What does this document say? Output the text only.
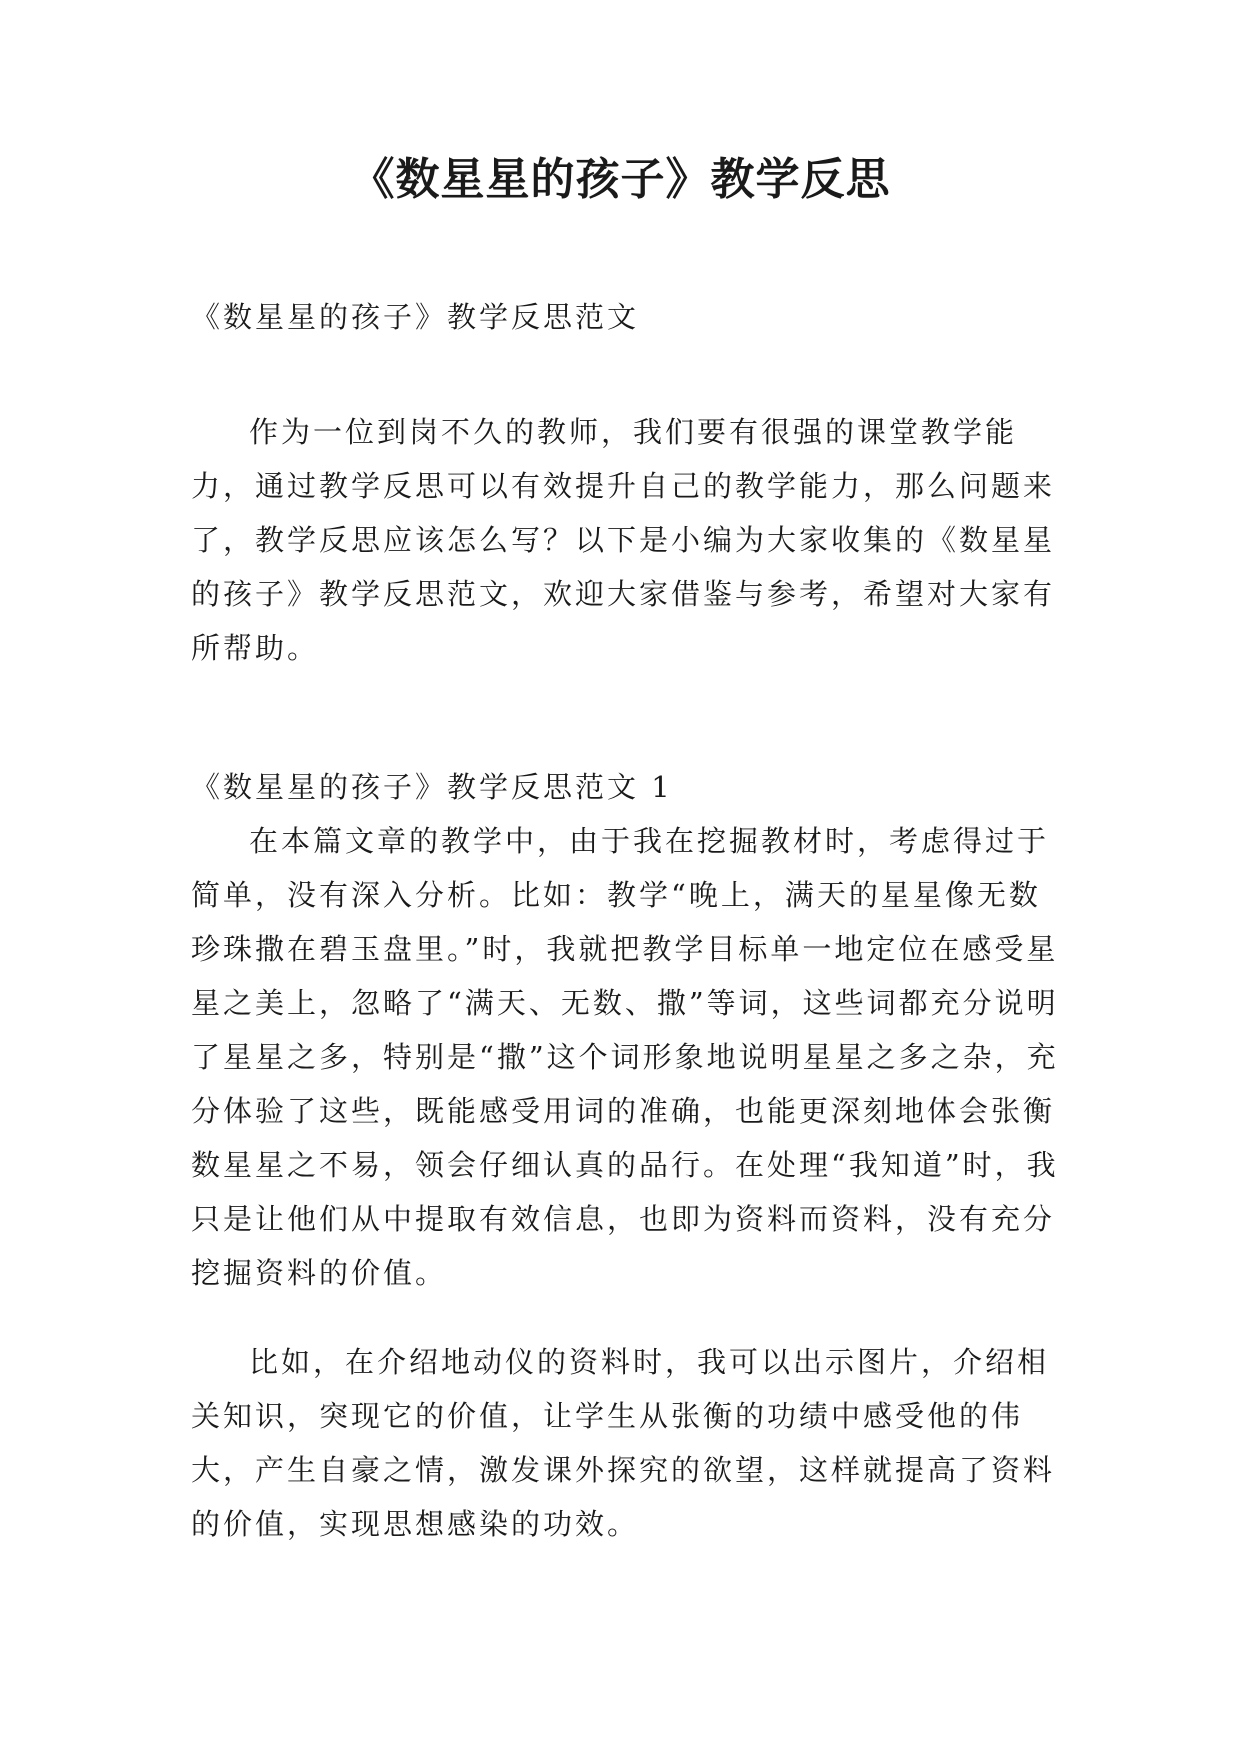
《数星星的孩子》教学反思

《数星星的孩子》教学反思范文

作为一位到岗不久的教师，我们要有很强的课堂教学能力，通过教学反思可以有效提升自己的教学能力，那么问题来了，教学反思应该怎么写？以下是小编为大家收集的《数星星的孩子》教学反思范文，欢迎大家借鉴与参考，希望对大家有所帮助。

《数星星的孩子》教学反思范文 1

在本篇文章的教学中，由于我在挖掘教材时，考虑得过于简单，没有深入分析。比如：教学“晚上，满天的星星像无数珍珠撒在碧玉盘里。”时，我就把教学目标单一地定位在感受星星之美上，忽略了“满天、无数、撒”等词，这些词都充分说明了星星之多，特别是“撒”这个词形象地说明星星之多之杂，充分体验了这些，既能感受用词的准确，也能更深刻地体会张衡数星星之不易，领会仔细认真的品行。在处理“我知道”时，我只是让他们从中提取有效信息，也即为资料而资料，没有充分挖掘资料的价值。

比如，在介绍地动仪的资料时，我可以出示图片，介绍相关知识，突现它的价值，让学生从张衡的功绩中感受他的伟大，产生自豪之情，激发课外探究的欲望，这样就提高了资料的价值，实现思想感染的功效。
